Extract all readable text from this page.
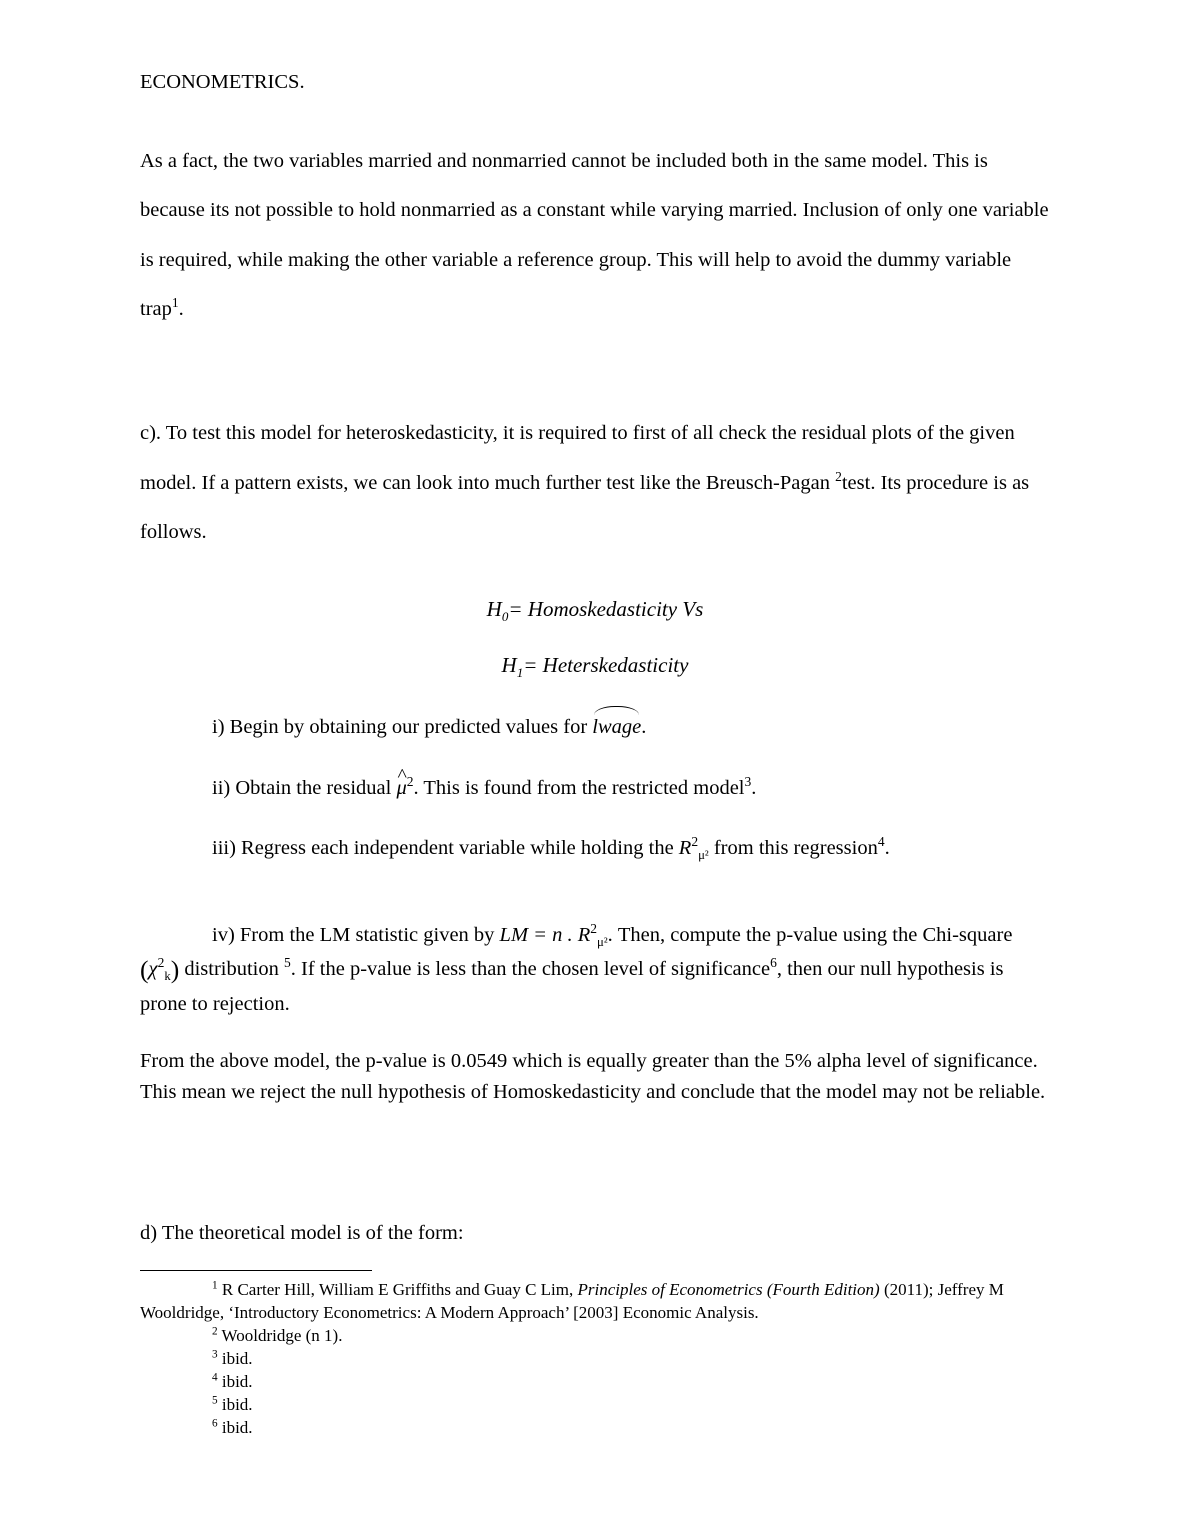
ECONOMETRICS.

As a fact, the two variables married and nonmarried cannot be included both in the same model. This is because its not possible to hold nonmarried as a constant while varying married. Inclusion of only one variable is required, while making the other variable a reference group. This will help to avoid the dummy variable trap$^1$.

c). To test this model for heteroskedasticity, it is required to first of all check the residual plots of the given model. If a pattern exists, we can look into much further test like the Breusch-Pagan $^2$test. Its procedure is as follows.

$H_0=$ Homoskedasticity Vs
$H_1=$ Heterskedasticity

i) Begin by obtaining our predicted values for lwage.

ii) Obtain the residual ^ $\mu^2$. This is found from the restricted model$^3$.

iii) Regress each independent variable while holding the $R^2_{\mu^2}$ from this regression$^4$.

iv) From the LM statistic given by LM = n . $R^2_{\mu^2}$. Then, compute the p-value using the Chi-square $(\chi^2_k)$ distribution $^5$. If the p-value is less than the chosen level of significance$^6$, then our null hypothesis is prone to rejection.

From the above model, the p-value is 0.0549 which is equally greater than the 5% alpha level of significance. This mean we reject the null hypothesis of Homoskedasticity and conclude that the model may not be reliable.

d) The theoretical model is of the form:

$^1$ R Carter Hill, William E Griffiths and Guay C Lim, Principles of Econometrics (Fourth Edition) (2011); Jeffrey M Wooldridge, ‘Introductory Econometrics: A Modern Approach’ [2003] Economic Analysis.

$^2$ Wooldridge (n 1).

$^3$ ibid.

$^4$ ibid.

$^5$ ibid.

$^6$ ibid.
